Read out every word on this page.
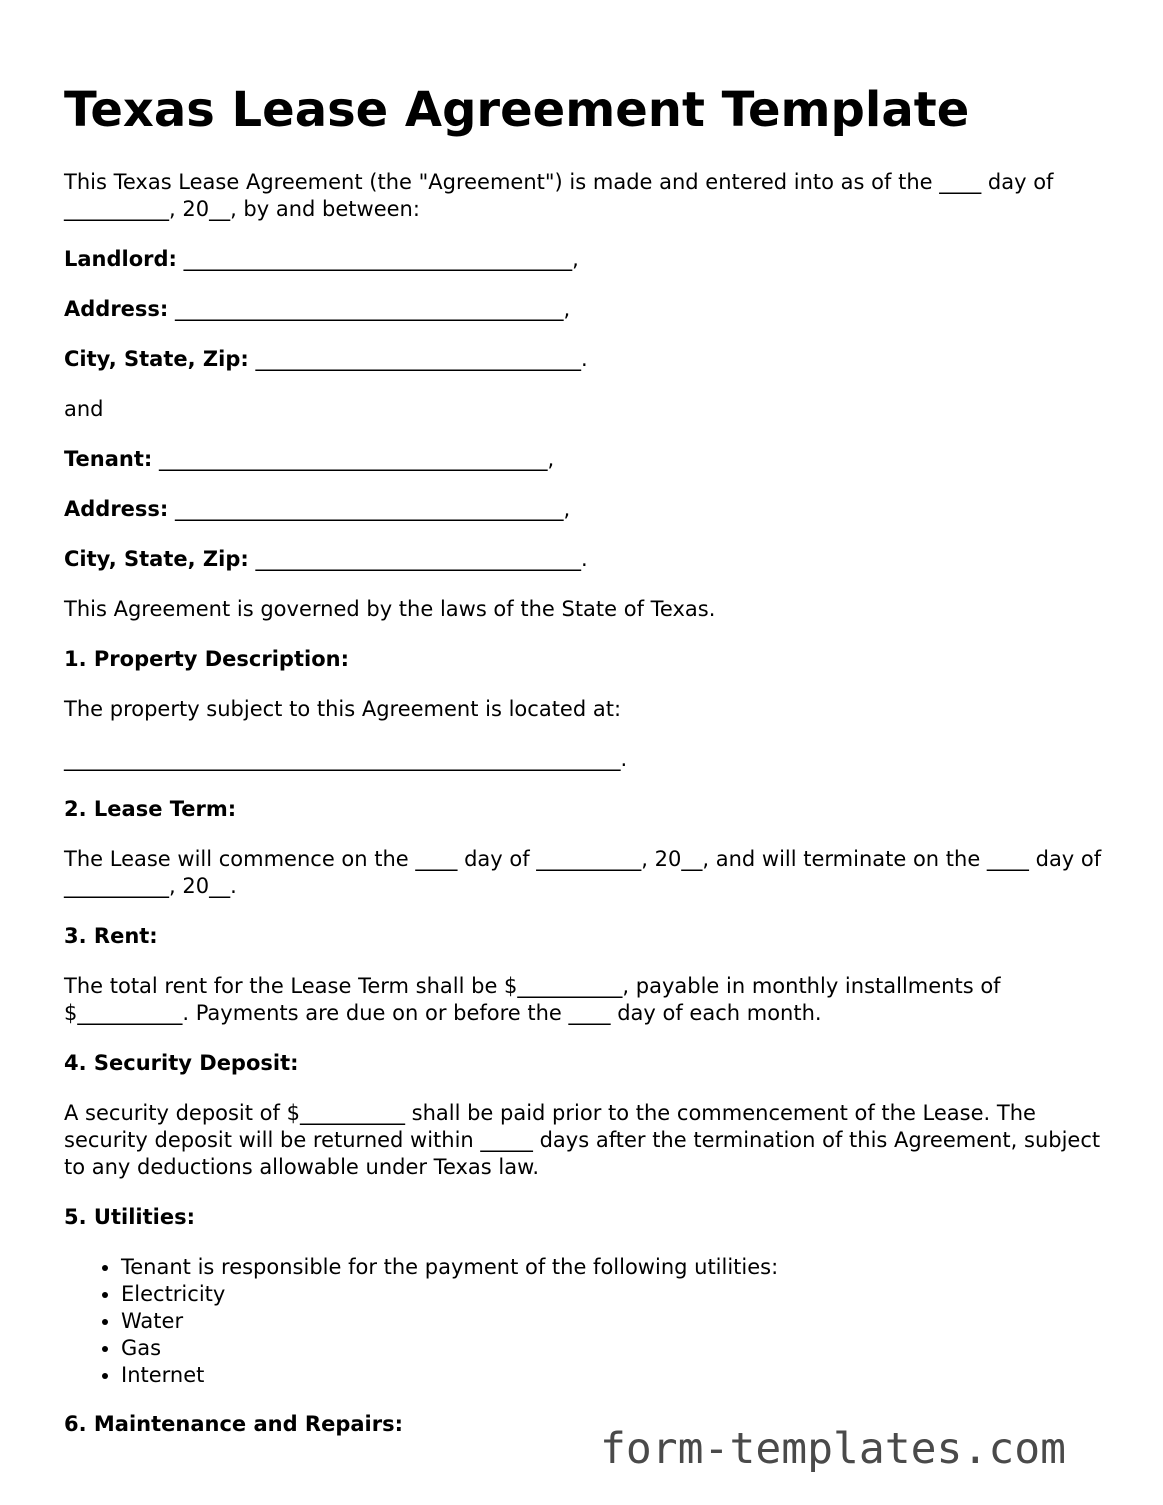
Texas Lease Agreement Template

This Texas Lease Agreement (the "Agreement") is made and entered into as of the ____ day of __________, 20__, by and between:

Landlord: _____________________________________,

Address: _____________________________________,

City, State, Zip: _______________________________.

and

Tenant: _____________________________________,

Address: _____________________________________,

City, State, Zip: _______________________________.

This Agreement is governed by the laws of the State of Texas.

1. Property Description:

The property subject to this Agreement is located at:

_____________________________________________________.

2. Lease Term:

The Lease will commence on the ____ day of __________, 20__, and will terminate on the ____ day of __________, 20__.

3. Rent:

The total rent for the Lease Term shall be $__________, payable in monthly installments of $__________. Payments are due on or before the ____ day of each month.

4. Security Deposit:

A security deposit of $__________ shall be paid prior to the commencement of the Lease. The security deposit will be returned within _____ days after the termination of this Agreement, subject to any deductions allowable under Texas law.

5. Utilities:

• Tenant is responsible for the payment of the following utilities:
• Electricity
• Water
• Gas
• Internet

6. Maintenance and Repairs:	form-templates.com
